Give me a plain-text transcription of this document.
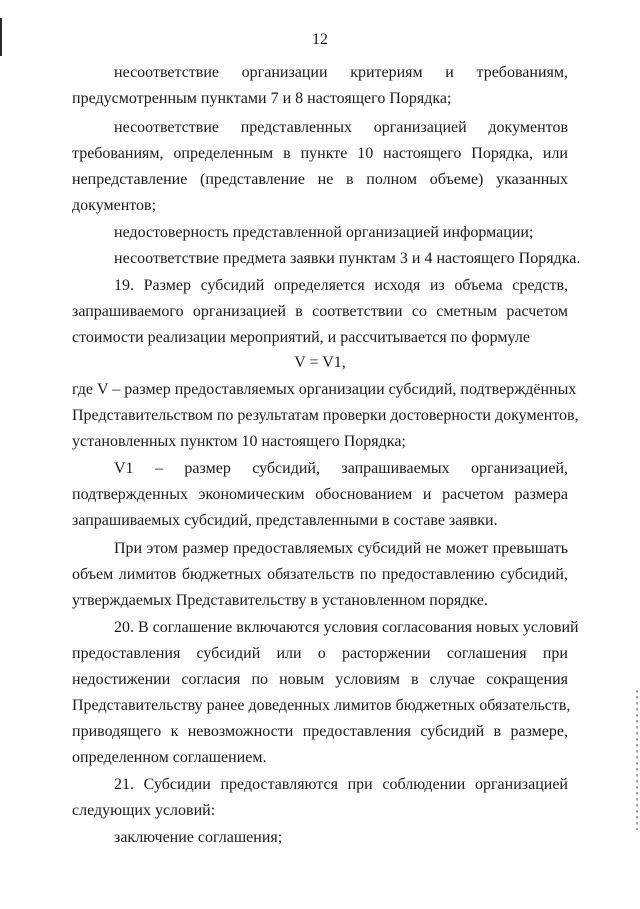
12
несоответствие организации критериям и требованиям,
предусмотренным пунктами 7 и 8 настоящего Порядка;
несоответствие представленных организацией документов
требованиям, определенным в пункте 10 настоящего Порядка, или
непредставление (представление не в полном объеме) указанных
документов;
недостоверность представленной организацией информации;
несоответствие предмета заявки пунктам 3 и 4 настоящего Порядка.
19. Размер субсидий определяется исходя из объема средств,
запрашиваемого организацией в соответствии со сметным расчетом
стоимости реализации мероприятий, и рассчитывается по формуле
V = V1,
где V – размер предоставляемых организации субсидий, подтверждённых
Представительством по результатам проверки достоверности документов,
установленных пунктом 10 настоящего Порядка;
V1 – размер субсидий, запрашиваемых организацией,
подтвержденных экономическим обоснованием и расчетом размера
запрашиваемых субсидий, представленными в составе заявки.
При этом размер предоставляемых субсидий не может превышать
объем лимитов бюджетных обязательств по предоставлению субсидий,
утверждаемых Представительству в установленном порядке.
20. В соглашение включаются условия согласования новых условий
предоставления субсидий или о расторжении соглашения при
недостижении согласия по новым условиям в случае сокращения
Представительству ранее доведенных лимитов бюджетных обязательств,
приводящего к невозможности предоставления субсидий в размере,
определенном соглашением.
21. Субсидии предоставляются при соблюдении организацией
следующих условий:
заключение соглашения;
